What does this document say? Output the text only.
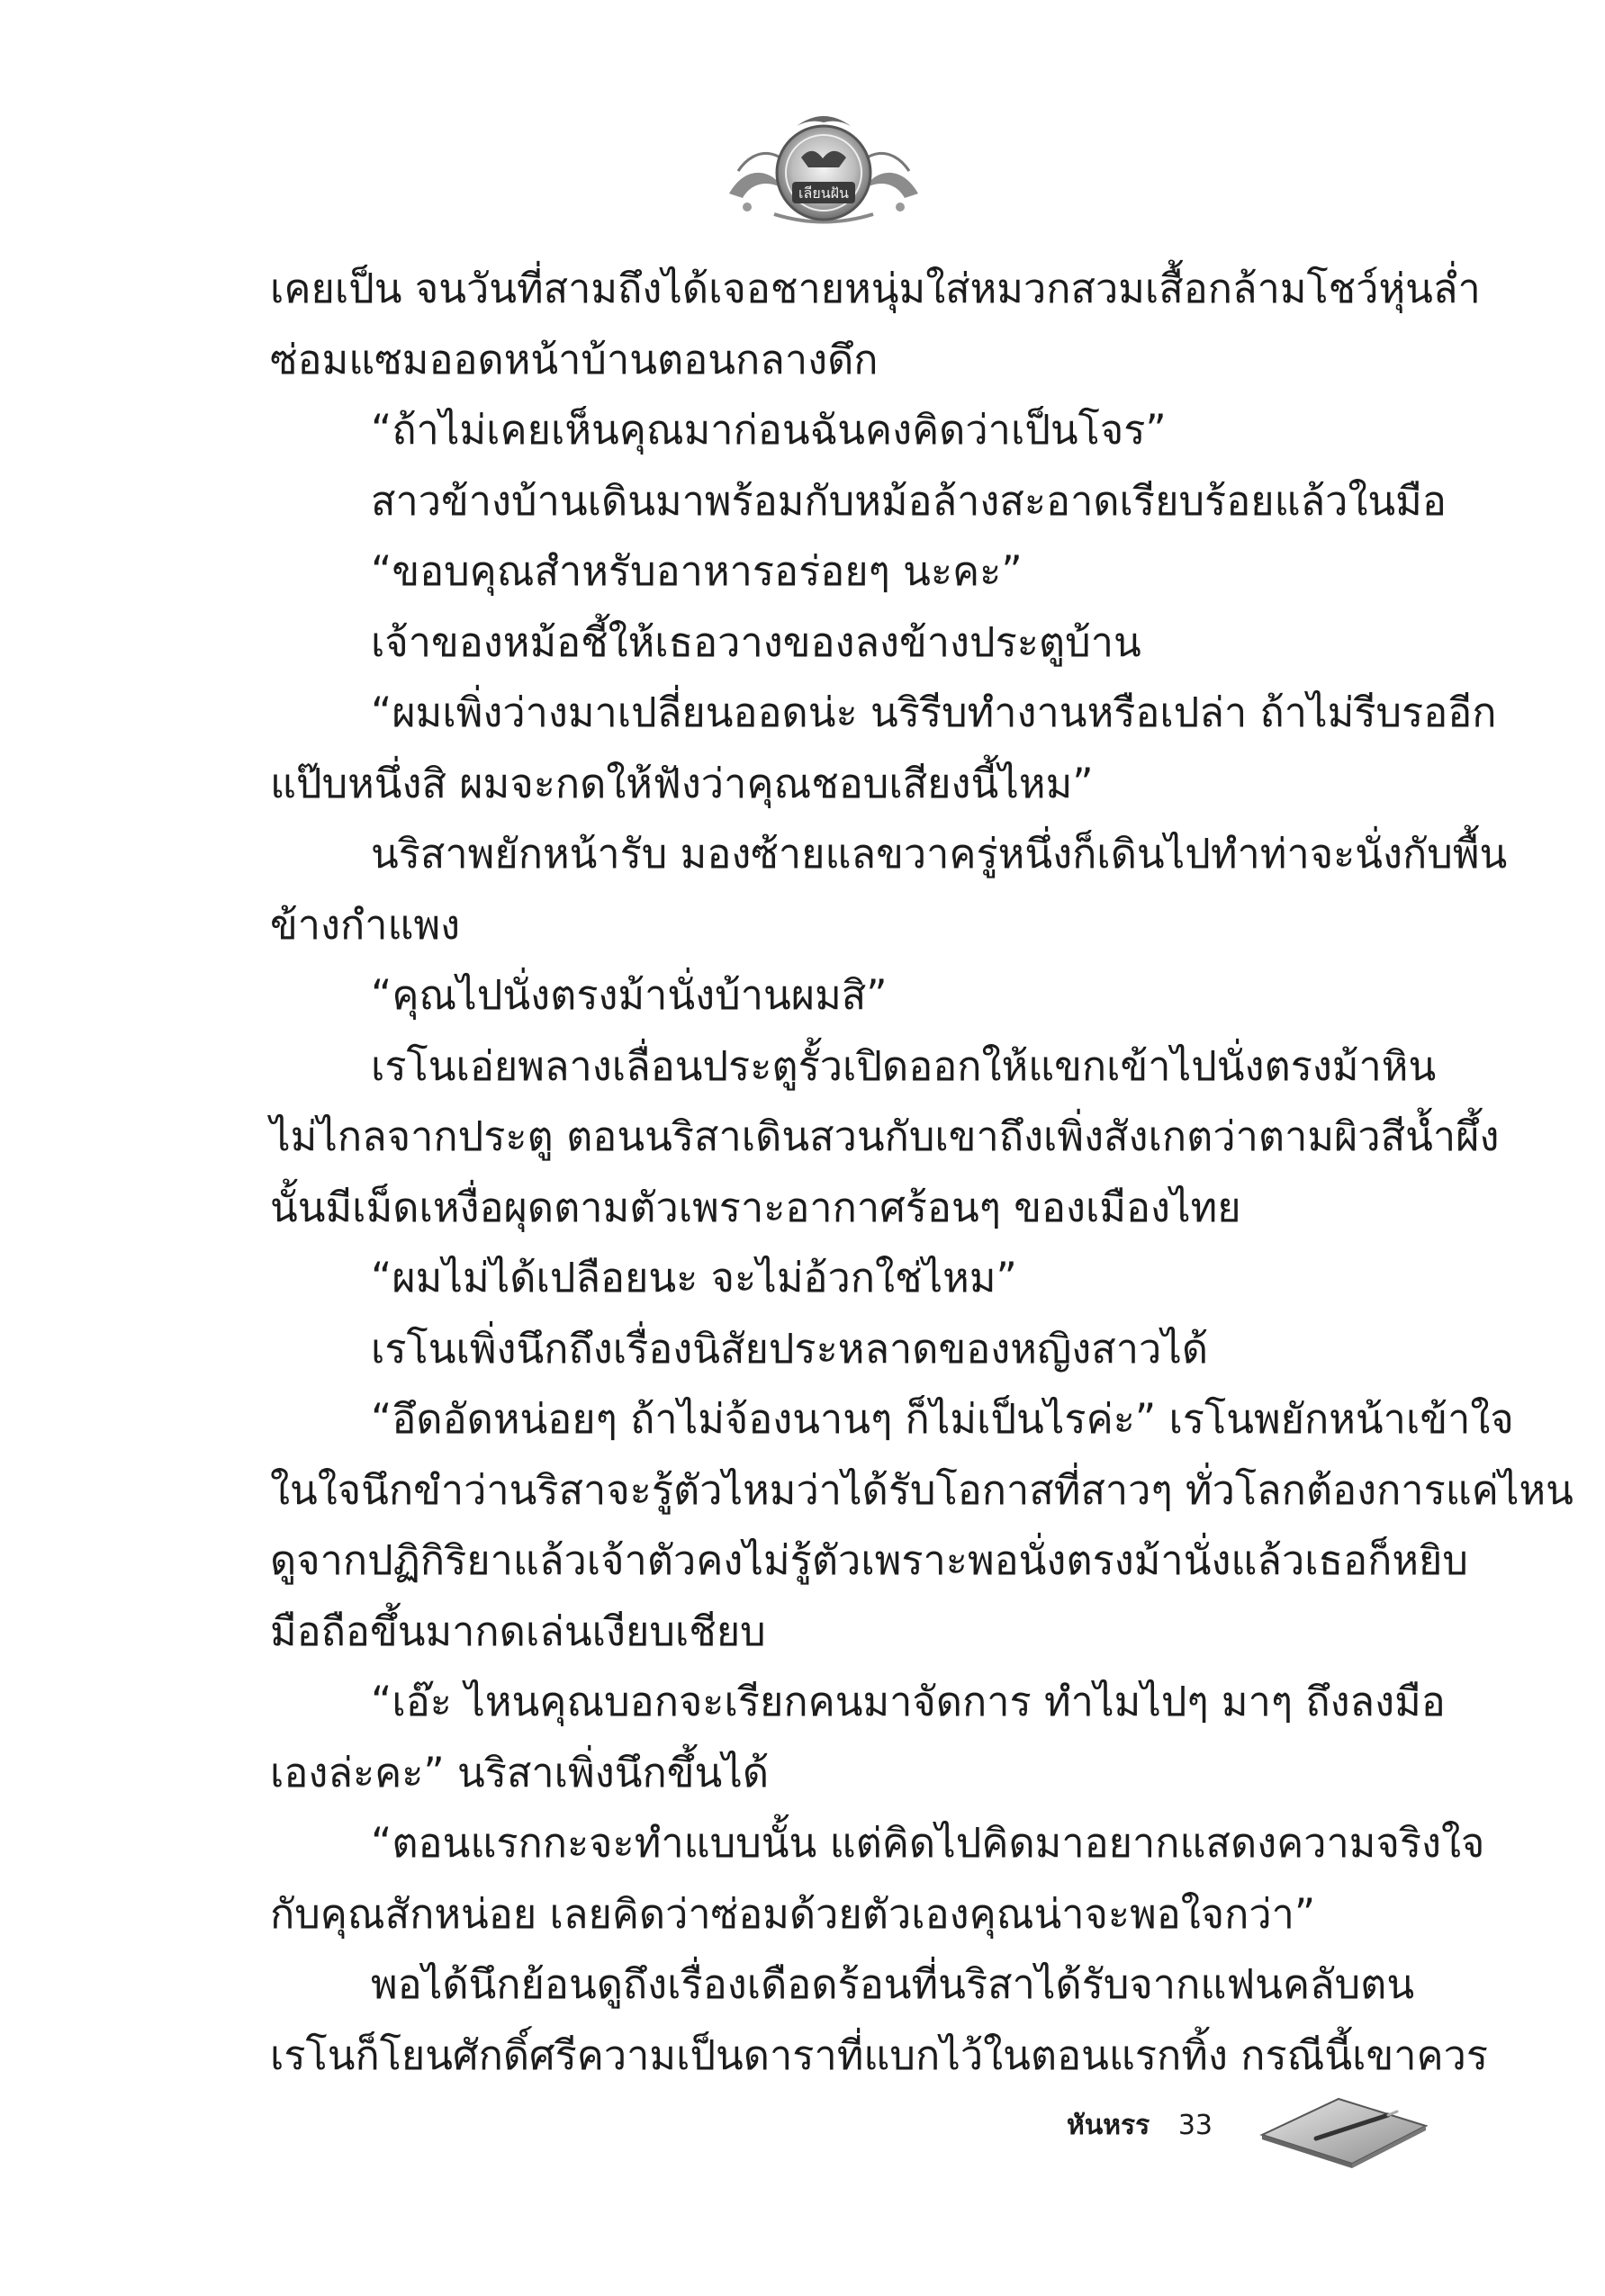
เลียนฝัน
เคยเป็น จนวันที่สามถึงได้เจอชายหนุ่มใส่หมวกสวมเสื้อกล้ามโชว์หุ่นล่ำ
ซ่อมแซมออดหน้าบ้านตอนกลางดึก
“ถ้าไม่เคยเห็นคุณมาก่อนฉันคงคิดว่าเป็นโจร”
สาวข้างบ้านเดินมาพร้อมกับหม้อล้างสะอาดเรียบร้อยแล้วในมือ
“ขอบคุณสำหรับอาหารอร่อยๆ นะคะ”
เจ้าของหม้อชี้ให้เธอวางของลงข้างประตูบ้าน
“ผมเพิ่งว่างมาเปลี่ยนออดน่ะ นริรีบทำงานหรือเปล่า ถ้าไม่รีบรออีก
แป๊บหนึ่งสิ ผมจะกดให้ฟังว่าคุณชอบเสียงนี้ไหม”
นริสาพยักหน้ารับ มองซ้ายแลขวาครู่หนึ่งก็เดินไปทำท่าจะนั่งกับพื้น
ข้างกำแพง
“คุณไปนั่งตรงม้านั่งบ้านผมสิ”
เรโนเอ่ยพลางเลื่อนประตูรั้วเปิดออกให้แขกเข้าไปนั่งตรงม้าหิน
ไม่ไกลจากประตู ตอนนริสาเดินสวนกับเขาถึงเพิ่งสังเกตว่าตามผิวสีน้ำผึ้ง
นั้นมีเม็ดเหงื่อผุดตามตัวเพราะอากาศร้อนๆ ของเมืองไทย
“ผมไม่ได้เปลือยนะ จะไม่อ้วกใช่ไหม”
เรโนเพิ่งนึกถึงเรื่องนิสัยประหลาดของหญิงสาวได้
“อึดอัดหน่อยๆ ถ้าไม่จ้องนานๆ ก็ไม่เป็นไรค่ะ” เรโนพยักหน้าเข้าใจ
ในใจนึกขำว่านริสาจะรู้ตัวไหมว่าได้รับโอกาสที่สาวๆ ทั่วโลกต้องการแค่ไหน
ดูจากปฏิกิริยาแล้วเจ้าตัวคงไม่รู้ตัวเพราะพอนั่งตรงม้านั่งแล้วเธอก็หยิบ
มือถือขึ้นมากดเล่นเงียบเชียบ
“เอ๊ะ ไหนคุณบอกจะเรียกคนมาจัดการ ทำไมไปๆ มาๆ ถึงลงมือ
เองล่ะคะ” นริสาเพิ่งนึกขึ้นได้
“ตอนแรกกะจะทำแบบนั้น แต่คิดไปคิดมาอยากแสดงความจริงใจ
กับคุณสักหน่อย เลยคิดว่าซ่อมด้วยตัวเองคุณน่าจะพอใจกว่า”
พอได้นึกย้อนดูถึงเรื่องเดือดร้อนที่นริสาได้รับจากแฟนคลับตน
เรโนก็โยนศักดิ์ศรีความเป็นดาราที่แบกไว้ในตอนแรกทิ้ง กรณีนี้เขาควร
หันหรร 33
